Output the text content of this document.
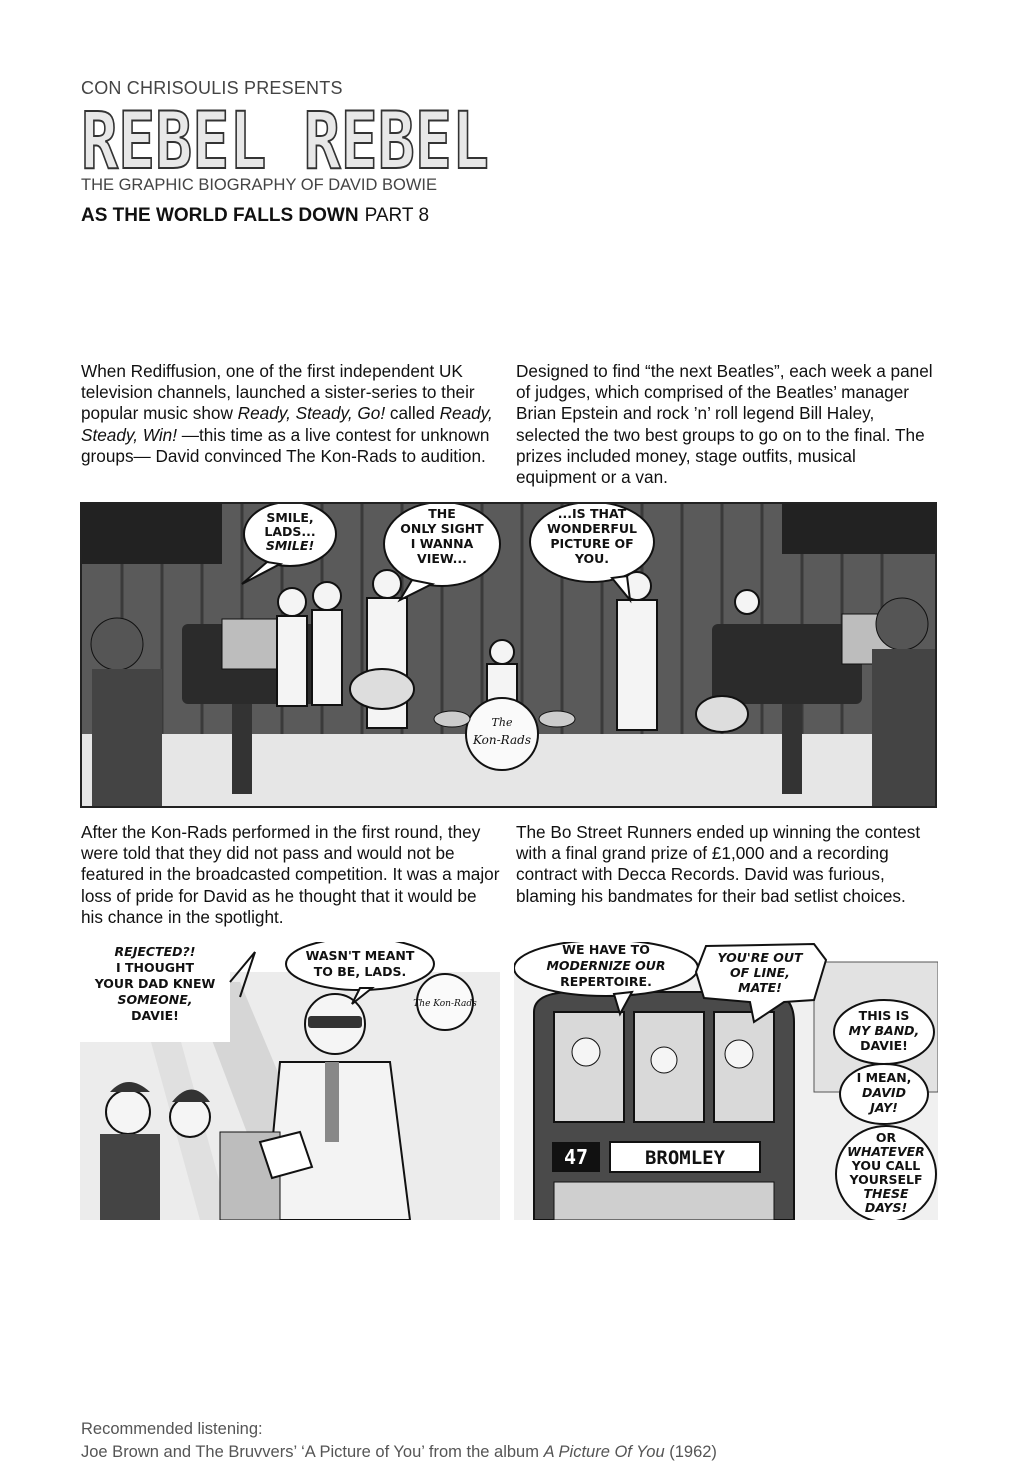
CON CHRISOULIS PRESENTS
REBEL REBEL
THE GRAPHIC BIOGRAPHY OF DAVID BOWIE
AS THE WORLD FALLS DOWN PART 8
When Rediffusion, one of the first independent UK television channels, launched a sister-series to their popular music show Ready, Steady, Go! called Ready, Steady, Win! —this time as a live contest for unknown groups— David convinced The Kon-Rads to audition.
Designed to find “the next Beatles”, each week a panel of judges, which comprised of the Beatles’ manager Brian Epstein and rock ’n’ roll legend Bill Haley, selected the two best groups to go on to the final. The prizes included money, stage outfits, musical equipment or a van.
The
Kon-Rads
SMILE,
LADS...
SMILE!
THE
ONLY SIGHT
I WANNA
VIEW...
...IS THAT
WONDERFUL
PICTURE OF
YOU.
After the Kon-Rads performed in the first round, they were told that they did not pass and would not be featured in the broadcasted competition. It was a major loss of pride for David as he thought that it would be his chance in the spotlight.
The Bo Street Runners ended up winning the contest with a final grand prize of £1,000 and a recording contract with Decca Records. David was furious, blaming his bandmates for their bad setlist choices.
The Kon-Rads
REJECTED?!
I THOUGHT
YOUR DAD KNEW
SOMEONE,
DAVIE!
WASN'T MEANT
TO BE, LADS.
47	BROMLEY
WE HAVE TO
MODERNIZE OUR
REPERTOIRE.
YOU'RE OUT
OF LINE,
MATE!
THIS IS
MY BAND,
DAVIE!
I MEAN,
DAVID
JAY!
OR
WHATEVER
YOU CALL
YOURSELF
THESE
DAYS!
Recommended listening:
Joe Brown and The Bruvvers’ ‘A Picture of You’ from the album A Picture Of You (1962)
